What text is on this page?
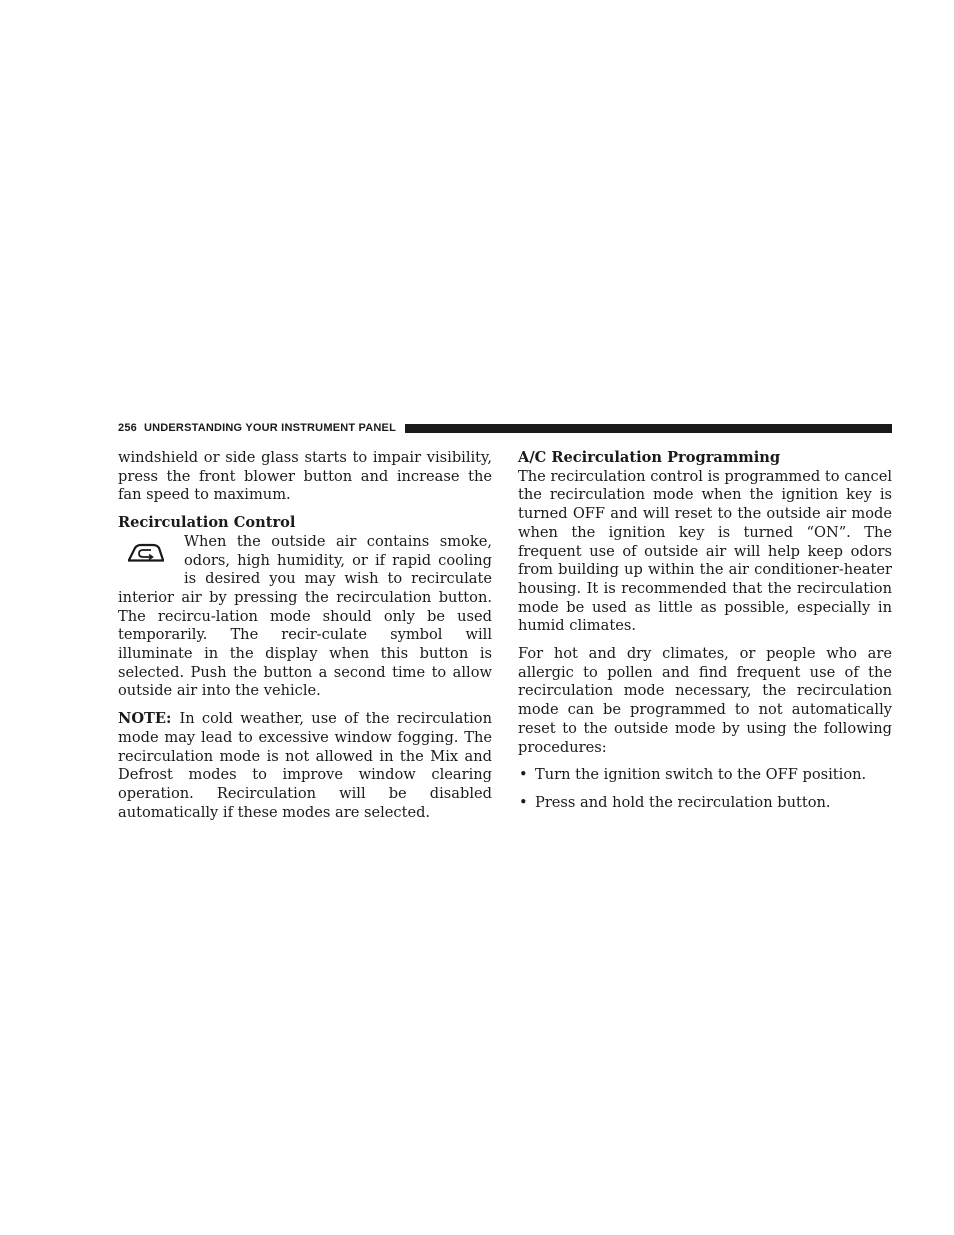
256 UNDERSTANDING YOUR INSTRUMENT PANEL

windshield or side glass starts to impair visibility, press the front blower button and increase the fan speed to maximum.

Recirculation Control

When the outside air contains smoke, odors, high humidity, or if rapid cooling is desired you may wish to recirculate interior air by pressing the recirculation button. The recircu-lation mode should only be used temporarily. The recir-culate symbol will illuminate in the display when this button is selected. Push the button a second time to allow outside air into the vehicle.

NOTE: In cold weather, use of the recirculation mode may lead to excessive window fogging. The recirculation mode is not allowed in the Mix and Defrost modes to improve window clearing operation. Recirculation will be disabled automatically if these modes are selected.

A/C Recirculation Programming

The recirculation control is programmed to cancel the recirculation mode when the ignition key is turned OFF and will reset to the outside air mode when the ignition key is turned “ON”. The frequent use of outside air will help keep odors from building up within the air conditioner-heater housing. It is recommended that the recirculation mode be used as little as possible, especially in humid climates.

For hot and dry climates, or people who are allergic to pollen and find frequent use of the recirculation mode necessary, the recirculation mode can be programmed to not automatically reset to the outside mode by using the following procedures:

• Turn the ignition switch to the OFF position.
• Press and hold the recirculation button.
